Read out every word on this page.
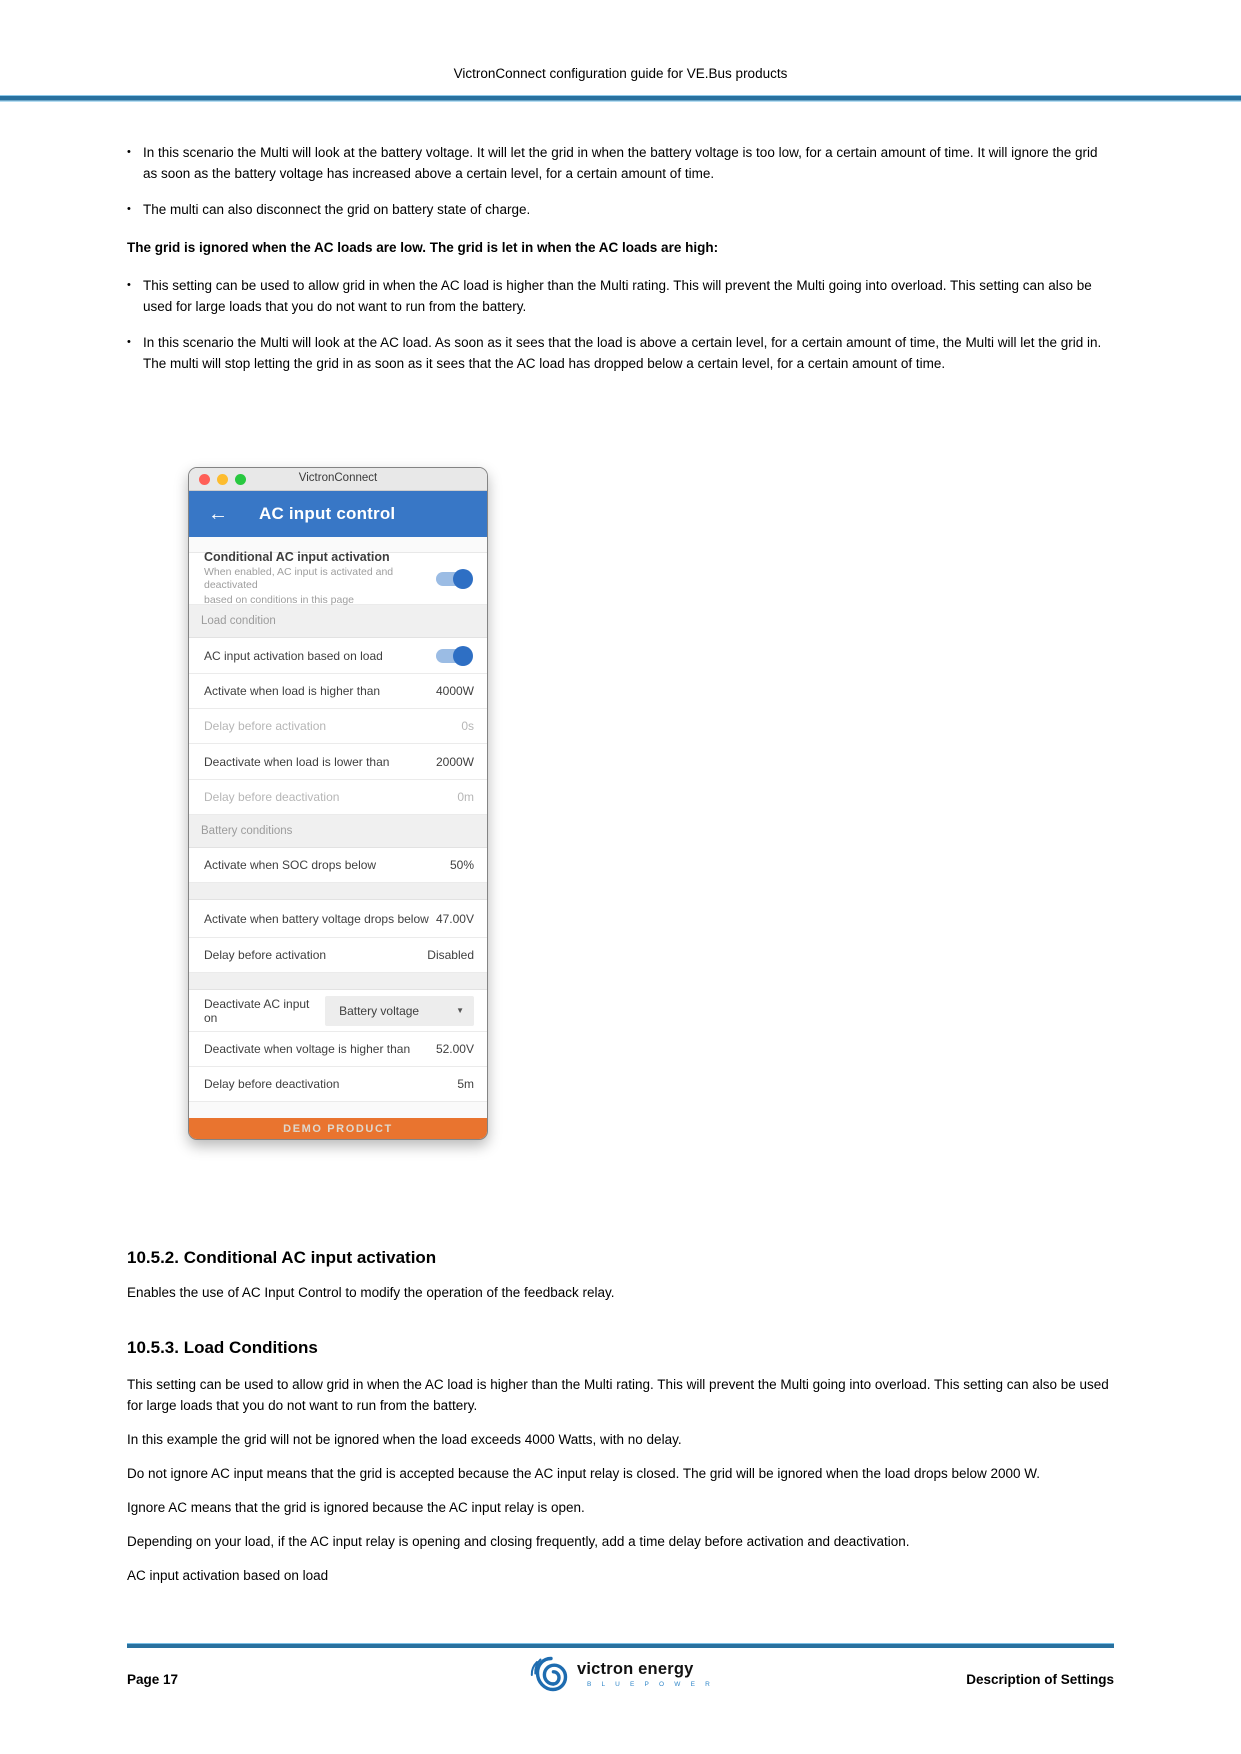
VictronConnect configuration guide for VE.Bus products
• In this scenario the Multi will look at the battery voltage. It will let the grid in when the battery voltage is too low, for a certain amount of time. It will ignore the grid as soon as the battery voltage has increased above a certain level, for a certain amount of time.
• The multi can also disconnect the grid on battery state of charge.

The grid is ignored when the AC loads are low. The grid is let in when the AC loads are high:

• This setting can be used to allow grid in when the AC load is higher than the Multi rating. This will prevent the Multi going into overload. This setting can also be used for large loads that you do not want to run from the battery.
• In this scenario the Multi will look at the AC load. As soon as it sees that the load is above a certain level, for a certain amount of time, the Multi will let the grid in. The multi will stop letting the grid in as soon as it sees that the AC load has dropped below a certain level, for a certain amount of time.
VictronConnect
← AC input control
Conditional AC input activation
When enabled, AC input is activated and deactivated
based on conditions in this page
Load condition
AC input activation based on load
Activate when load is higher than	4000W
Delay before activation	0s
Deactivate when load is lower than	2000W
Delay before deactivation	0m
Battery conditions
Activate when SOC drops below	50%
Activate when battery voltage drops below 47.00V
Delay before activation	Disabled
Deactivate AC input on	Battery voltage	▼
Deactivate when voltage is higher than 52.00V
Delay before deactivation	5m
DEMO PRODUCT
10.5.2. Conditional AC input activation

Enables the use of AC Input Control to modify the operation of the feedback relay.

10.5.3. Load Conditions

This setting can be used to allow grid in when the AC load is higher than the Multi rating. This will prevent the Multi going into overload. This setting can also be used for large loads that you do not want to run from the battery.

In this example the grid will not be ignored when the load exceeds 4000 Watts, with no delay.

Do not ignore AC input means that the grid is accepted because the AC input relay is closed. The grid will be ignored when the load drops below 2000 W.

Ignore AC means that the grid is ignored because the AC input relay is open.

Depending on your load, if the AC input relay is opening and closing frequently, add a time delay before activation and deactivation.

AC input activation based on load

Page 17
victron energy
B L U E P O W E R	Description of Settings
